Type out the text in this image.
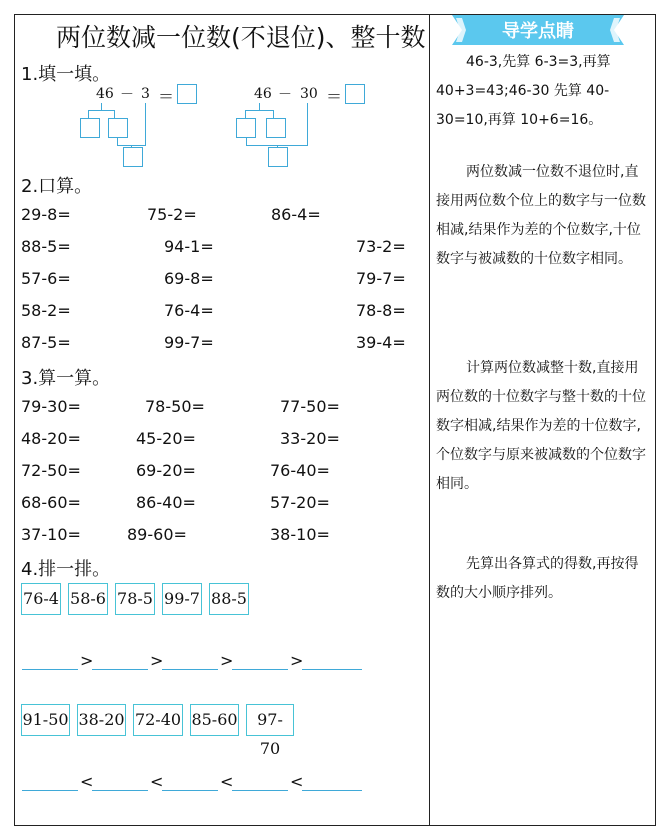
两位数减一位数(不退位)、整十数
1.填一填。
46 － 3 ＝	46 － 30 ＝
2.口算。
29-8=	75-2=	86-4=
88-5=	94-1=	73-2=
57-6=	69-8=	79-7=
58-2=	76-4=	78-8=
87-5=	99-7=	39-4=
3.算一算。
79-30=	78-50=	77-50=
48-20=	45-20=	33-20=
72-50=	69-20=	76-40=
68-60=	86-40=	57-20=
37-10=	89-60=	38-10=
4.排一排。
76-4 58-6 78-5 99-7 88-5
>	>	>	>
91-50 38-20 72-40 85-60	97-70
<	<	<	<
导学点睛
46-3,先算 6-3=3,再算40+3=43;46-30 先算 40-30=10,再算 10+6=16。
两位数减一位数不退位时,直接用两位数个位上的数字与一位数相减,结果作为差的个位数字,十位数字与被减数的十位数字相同。
计算两位数减整十数,直接用两位数的十位数字与整十数的十位数字相减,结果作为差的十位数字,个位数字与原来被减数的个位数字相同。
先算出各算式的得数,再按得数的大小顺序排列。
